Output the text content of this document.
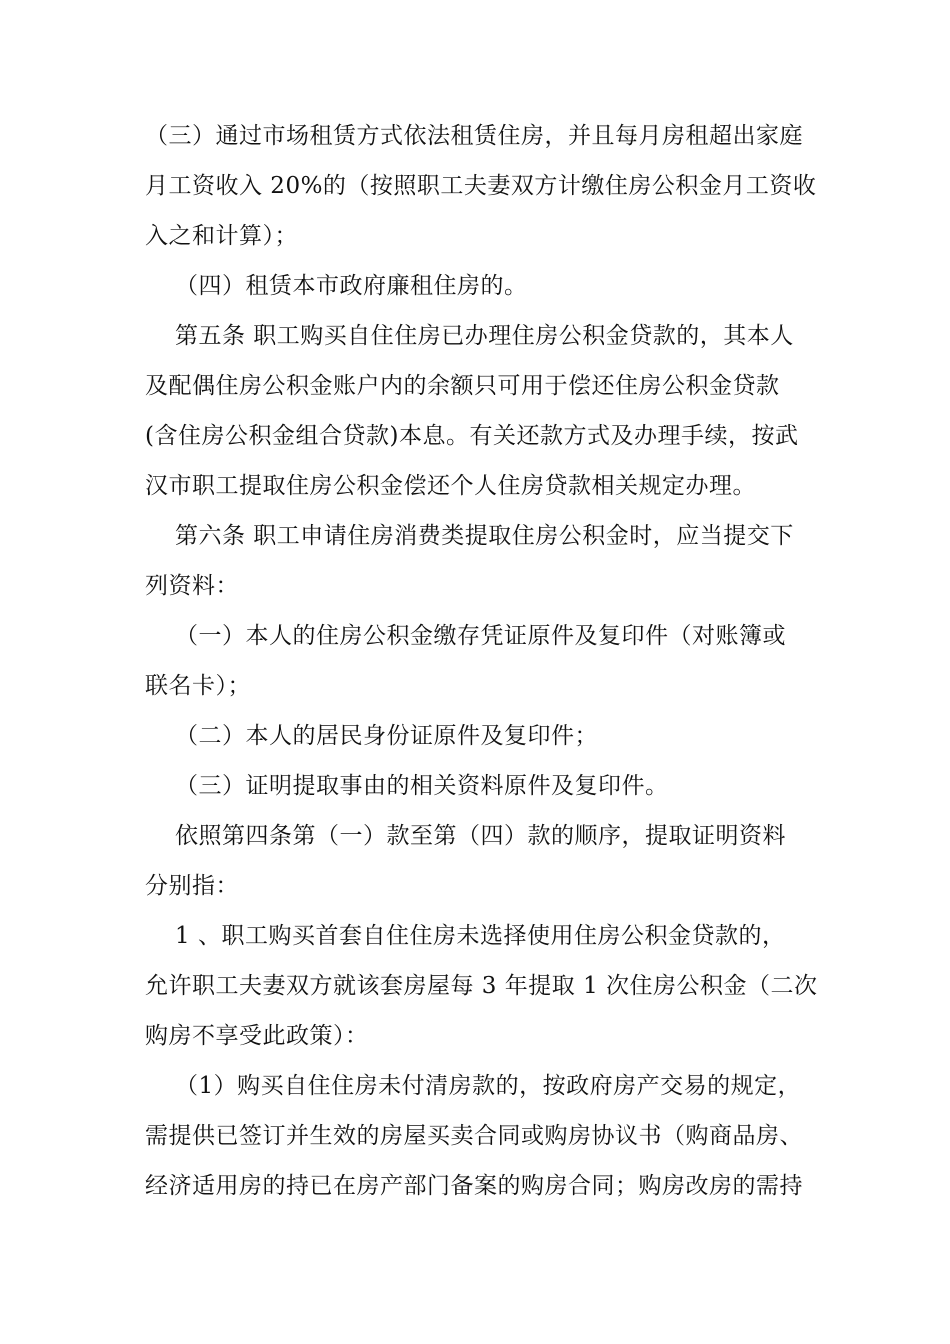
（三）通过市场租赁方式依法租赁住房，并且每月房租超出家庭
月工资收入 20%的（按照职工夫妻双方计缴住房公积金月工资收
入之和计算）；
（四）租赁本市政府廉租住房的。
第五条 职工购买自住住房已办理住房公积金贷款的，其本人
及配偶住房公积金账户内的余额只可用于偿还住房公积金贷款
(含住房公积金组合贷款)本息。有关还款方式及办理手续，按武
汉市职工提取住房公积金偿还个人住房贷款相关规定办理。
第六条 职工申请住房消费类提取住房公积金时，应当提交下
列资料：
（一）本人的住房公积金缴存凭证原件及复印件（对账簿或
联名卡）；
（二）本人的居民身份证原件及复印件；
（三）证明提取事由的相关资料原件及复印件。
依照第四条第（一）款至第（四）款的顺序，提取证明资料
分别指：
1 、职工购买首套自住住房未选择使用住房公积金贷款的，
允许职工夫妻双方就该套房屋每 3 年提取 1 次住房公积金（二次
购房不享受此政策）：
（1）购买自住住房未付清房款的，按政府房产交易的规定，
需提供已签订并生效的房屋买卖合同或购房协议书（购商品房、
经济适用房的持已在房产部门备案的购房合同；购房改房的需持
